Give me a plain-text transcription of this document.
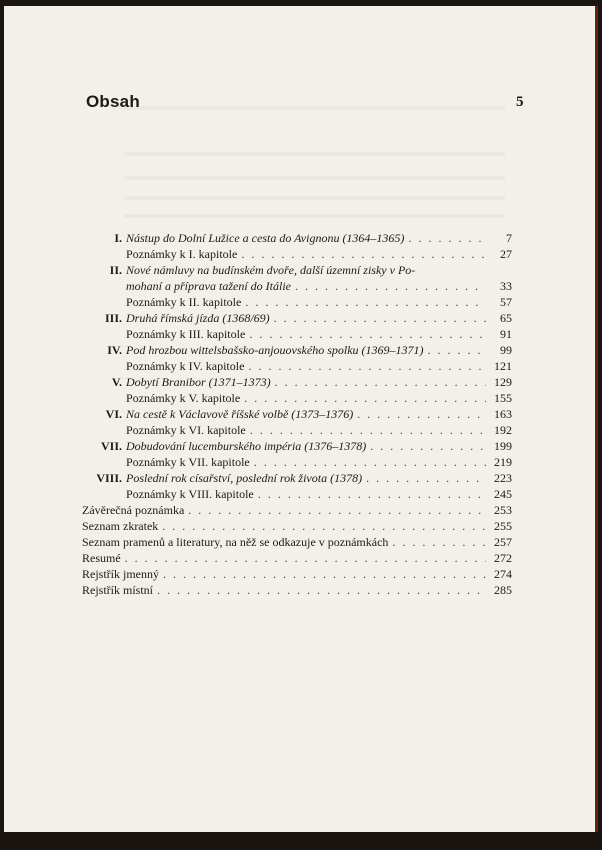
Obsah	5
I. Nástup do Dolní Lužice a cesta do Avignonu (1364–1365) . . .	7
Poznámky k I. kapitole . . .	27
II. Nové námluvy na budínském dvoře, další územní zisky v Po-
mohaní a příprava tažení do Itálie . . .	33
Poznámky k II. kapitole . . .	57
III. Druhá římská jízda (1368/69) . . .	65
Poznámky k III. kapitole . . .	91
IV. Pod hrozbou wittelsbašsko-anjouovského spolku (1369–1371) . . .	99
Poznámky k IV. kapitole . . .	121
V. Dobytí Branibor (1371–1373) . . .	129
Poznámky k V. kapitole . . .	155
VI. Na cestě k Václavově říšské volbě (1373–1376) . . .	163
Poznámky k VI. kapitole . . .	192
VII. Dobudování lucemburského impéria (1376–1378) . . .	199
Poznámky k VII. kapitole . . .	219
VIII. Poslední rok císařství, poslední rok života (1378) . . .	223
Poznámky k VIII. kapitole . . .	245
Závěrečná poznámka . . .	253
Seznam zkratek . . .	255
Seznam pramenů a literatury, na něž se odkazuje v poznámkách . . .	257
Resumé . . .	272
Rejstřík jmenný . . .	274
Rejstřík místní . . .	285
